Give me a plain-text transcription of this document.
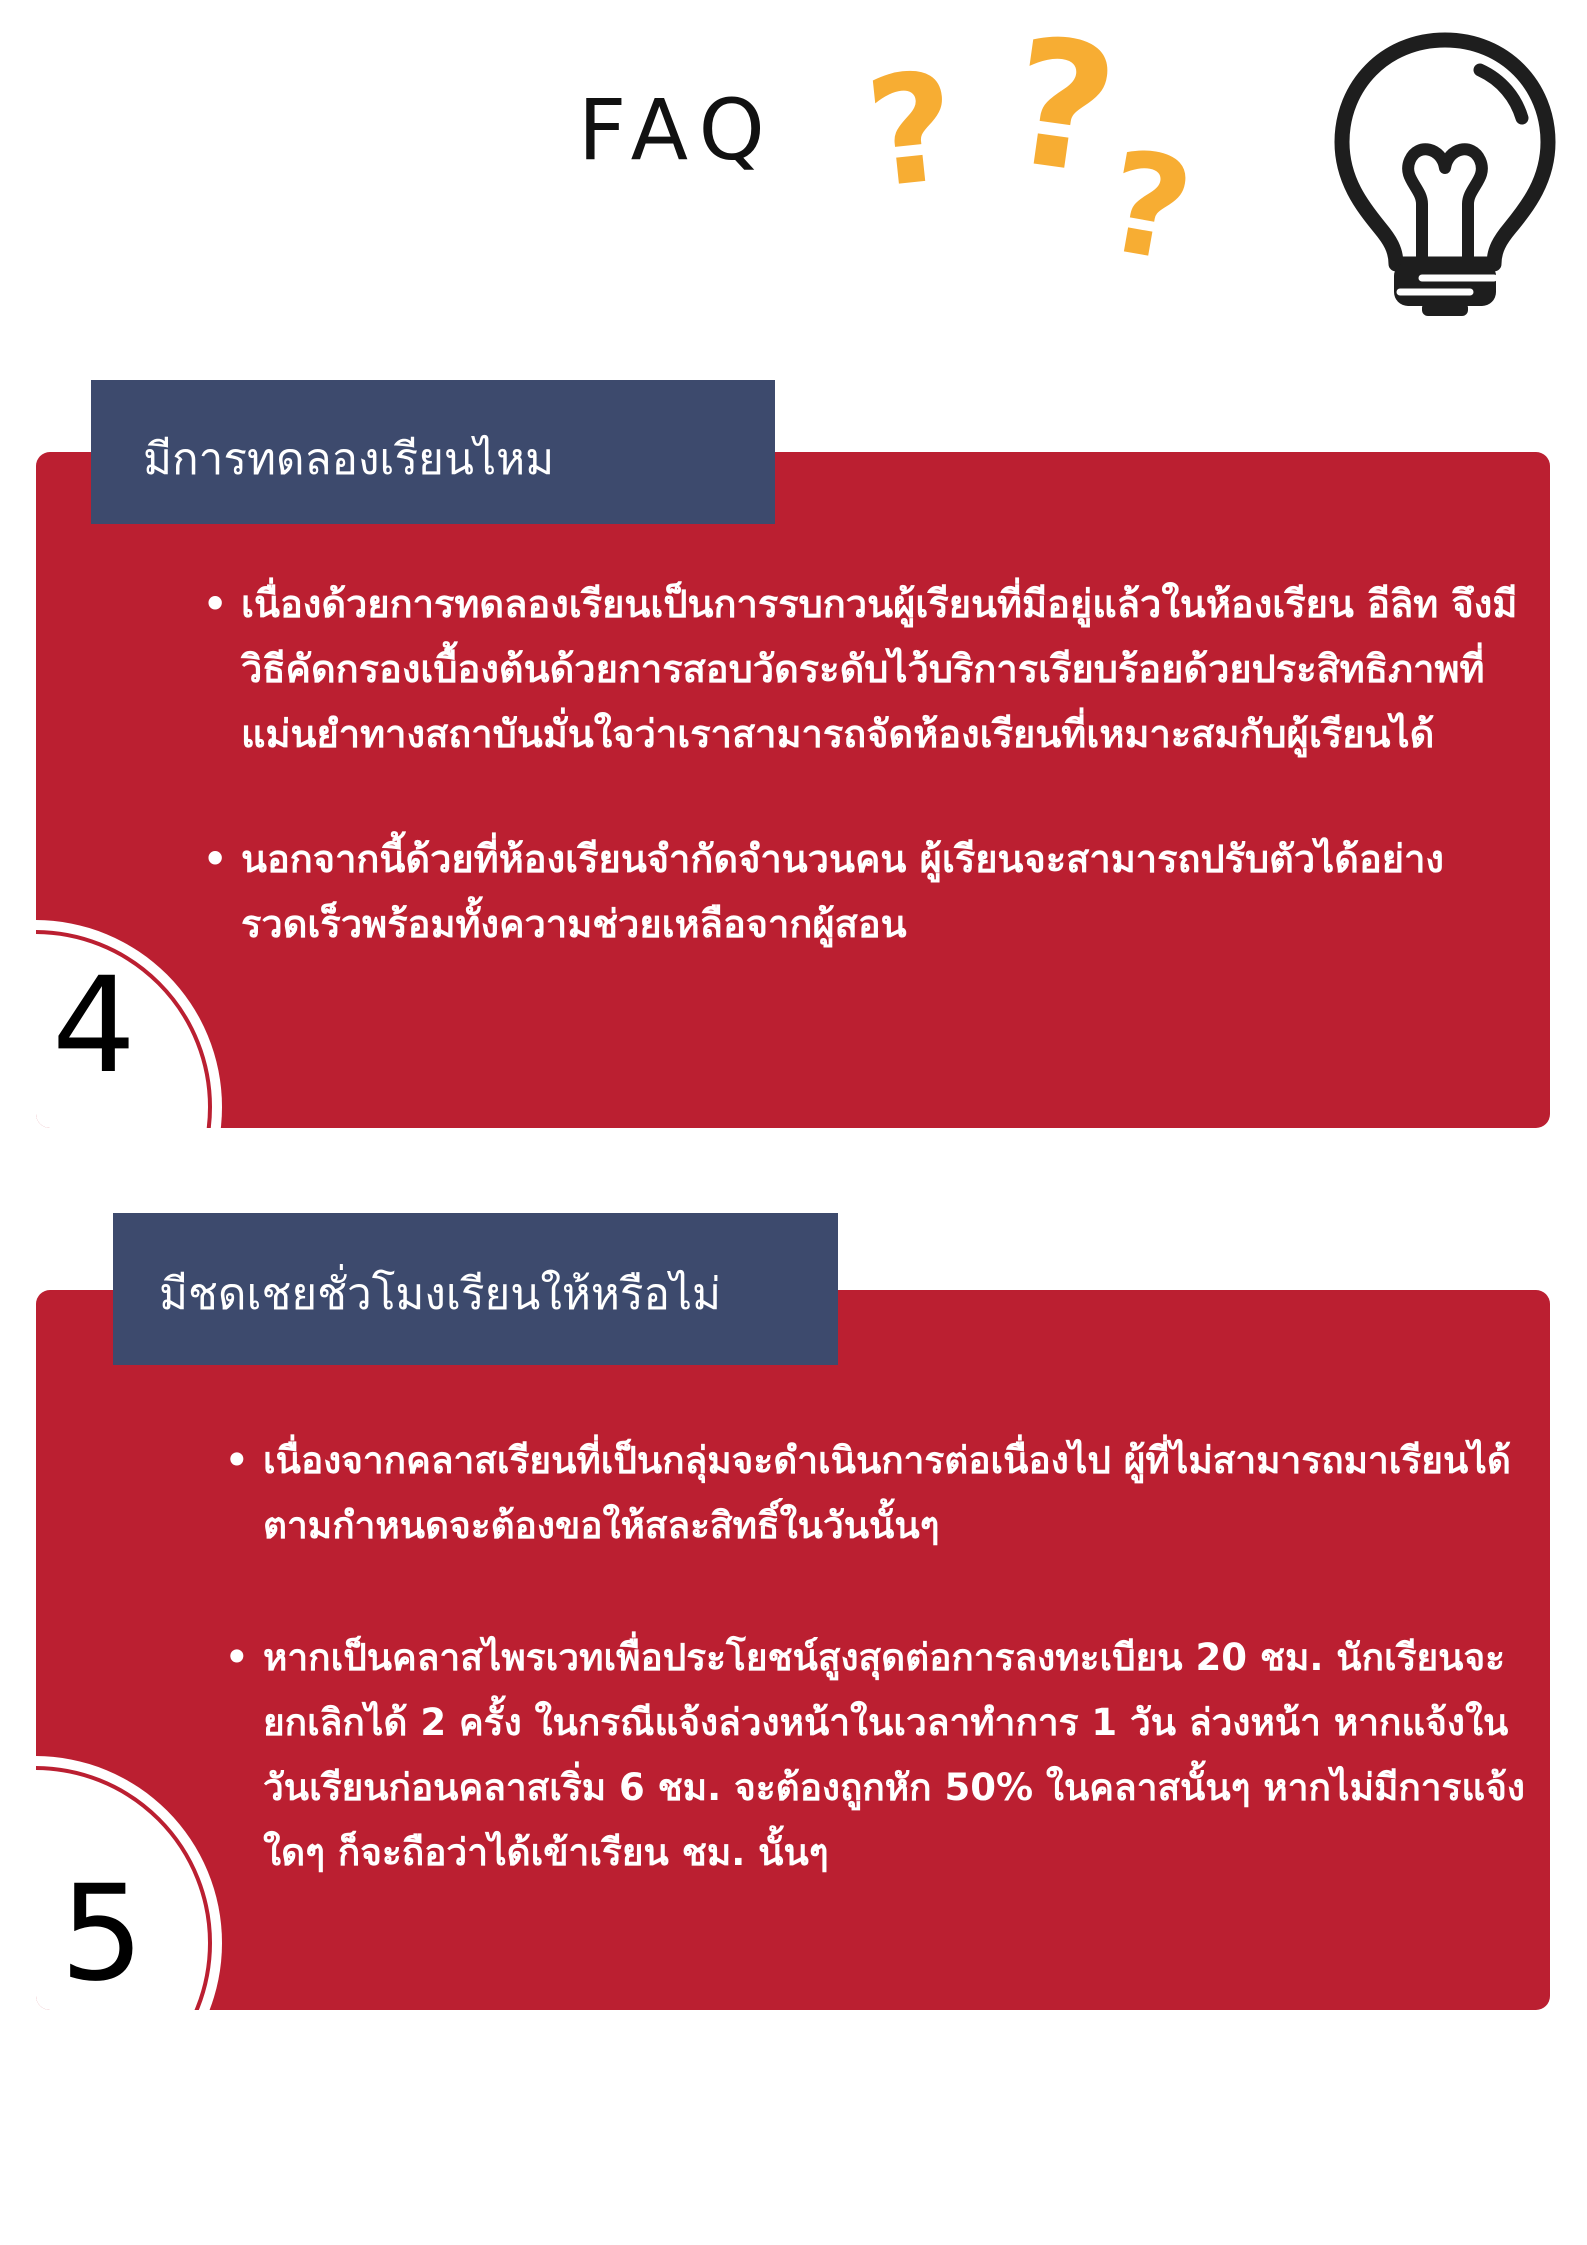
FAQ ? ?
?
มีการทดลองเรียนไหม
• เนื่องด้วยการทดลองเรียนเป็นการรบกวนผู้เรียนที่มีอยู่แล้วในห้องเรียน อีลิท จึงมีวิธีคัดกรองเบื้องต้นด้วยการสอบวัดระดับไว้บริการเรียบร้อยด้วยประสิทธิภาพที่แม่นยำทางสถาบันมั่นใจว่าเราสามารถจัดห้องเรียนที่เหมาะสมกับผู้เรียนได้
• นอกจากนี้ด้วยที่ห้องเรียนจำกัดจำนวนคน ผู้เรียนจะสามารถปรับตัวได้อย่างรวดเร็วพร้อมทั้งความช่วยเหลือจากผู้สอน
4
มีชดเชยชั่วโมงเรียนให้หรือไม่
• เนื่องจากคลาสเรียนที่เป็นกลุ่มจะดำเนินการต่อเนื่องไป ผู้ที่ไม่สามารถมาเรียนได้ตามกำหนดจะต้องขอให้สละสิทธิ์ในวันนั้นๆ
• หากเป็นคลาสไพรเวทเพื่อประโยชน์สูงสุดต่อการลงทะเบียน 20 ชม. นักเรียนจะยกเลิกได้ 2 ครั้ง ในกรณีแจ้งล่วงหน้าในเวลาทำการ 1 วัน ล่วงหน้า หากแจ้งในวันเรียนก่อนคลาสเริ่ม 6 ชม. จะต้องถูกหัก 50% ในคลาสนั้นๆ หากไม่มีการแจ้งใดๆ ก็จะถือว่าได้เข้าเรียน ชม. นั้นๆ
5
